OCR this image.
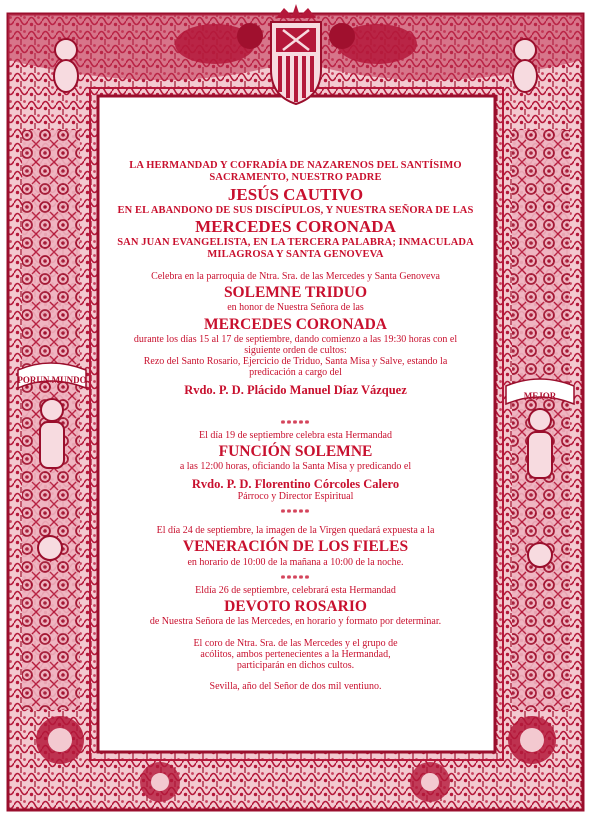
PORUN MUNDO
MEJOR
LA HERMANDAD Y COFRADÍA DE NAZARENOS DEL SANTÍSIMO
SACRAMENTO, NUESTRO PADRE
JESÚS CAUTIVO
EN EL ABANDONO DE SUS DISCÍPULOS, Y NUESTRA SEÑORA DE LAS
MERCEDES CORONADA
SAN JUAN EVANGELISTA, EN LA TERCERA PALABRA; INMACULADA
MILAGROSA Y SANTA GENOVEVA
Celebra en la parroquia de Ntra. Sra. de las Mercedes y Santa Genoveva
SOLEMNE TRIDUO
en honor de Nuestra Señora de las
MERCEDES CORONADA
durante los días 15 al 17 de septiembre, dando comienzo a las 19:30 horas con el
siguiente orden de cultos:
Rezo del Santo Rosario, Ejercicio de Triduo, Santa Misa y Salve, estando la
predicación a cargo del
Rvdo. P. D. Plácido Manuel Díaz Vázquez
*****
El día 19 de septiembre celebra esta Hermandad
FUNCIÓN SOLEMNE
a las 12:00 horas, oficiando la Santa Misa y predicando el
Rvdo. P. D. Florentino Córcoles Calero
Párroco y Director Espiritual
*****
El día 24 de septiembre, la imagen de la Virgen quedará expuesta a la
VENERACIÓN DE LOS FIELES
en horario de 10:00 de la mañana a 10:00 de la noche.
*****
Eldía 26 de septiembre, celebrará esta Hermandad
DEVOTO ROSARIO
de Nuestra Señora de las Mercedes, en horario y formato por determinar.
El coro de Ntra. Sra. de las Mercedes y el grupo de
acólitos, ambos pertenecientes a la Hermandad,
participarán en dichos cultos.
Sevilla, año del Señor de dos mil ventiuno.
